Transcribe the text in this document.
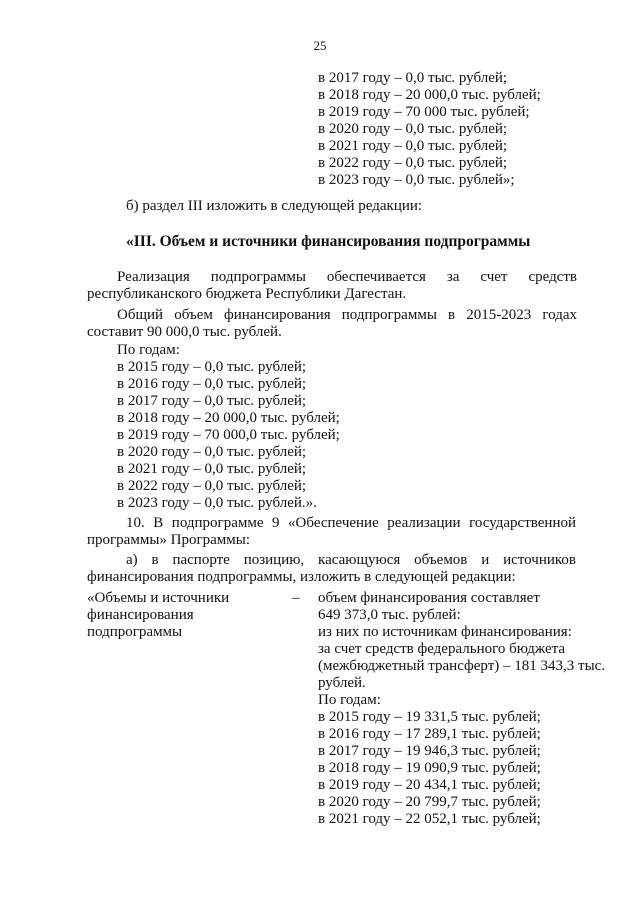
25
в 2017 году – 0,0 тыс. рублей;
в 2018 году – 20 000,0 тыс. рублей;
в 2019 году – 70 000 тыс. рублей;
в 2020 году – 0,0 тыс. рублей;
в 2021 году – 0,0 тыс. рублей;
в 2022 году – 0,0 тыс. рублей;
в 2023 году – 0,0 тыс. рублей»;
б) раздел III изложить в следующей редакции:
«III. Объем и источники финансирования подпрограммы
Реализация подпрограммы обеспечивается за счет средств
республиканского бюджета Республики Дагестан.
Общий объем финансирования подпрограммы в 2015-2023 годах
составит 90 000,0 тыс. рублей.
По годам:
в 2015 году – 0,0 тыс. рублей;
в 2016 году – 0,0 тыс. рублей;
в 2017 году – 0,0 тыс. рублей;
в 2018 году – 20 000,0 тыс. рублей;
в 2019 году – 70 000,0 тыс. рублей;
в 2020 году – 0,0 тыс. рублей;
в 2021 году – 0,0 тыс. рублей;
в 2022 году – 0,0 тыс. рублей;
в 2023 году – 0,0 тыс. рублей.».
10. В подпрограмме 9 «Обеспечение реализации государственной
программы» Программы:
а) в паспорте позицию, касающуюся объемов и источников
финансирования подпрограммы, изложить в следующей редакции:
«Объемы и источники
финансирования
подпрограммы
– объем финансирования составляет
649 373,0 тыс. рублей:
из них по источникам финансирования:
за счет средств федерального бюджета
(межбюджетный трансферт) – 181 343,3 тыс.
рублей.
По годам:
в 2015 году – 19 331,5 тыс. рублей;
в 2016 году – 17 289,1 тыс. рублей;
в 2017 году – 19 946,3 тыс. рублей;
в 2018 году – 19 090,9 тыс. рублей;
в 2019 году – 20 434,1 тыс. рублей;
в 2020 году – 20 799,7 тыс. рублей;
в 2021 году – 22 052,1 тыс. рублей;
